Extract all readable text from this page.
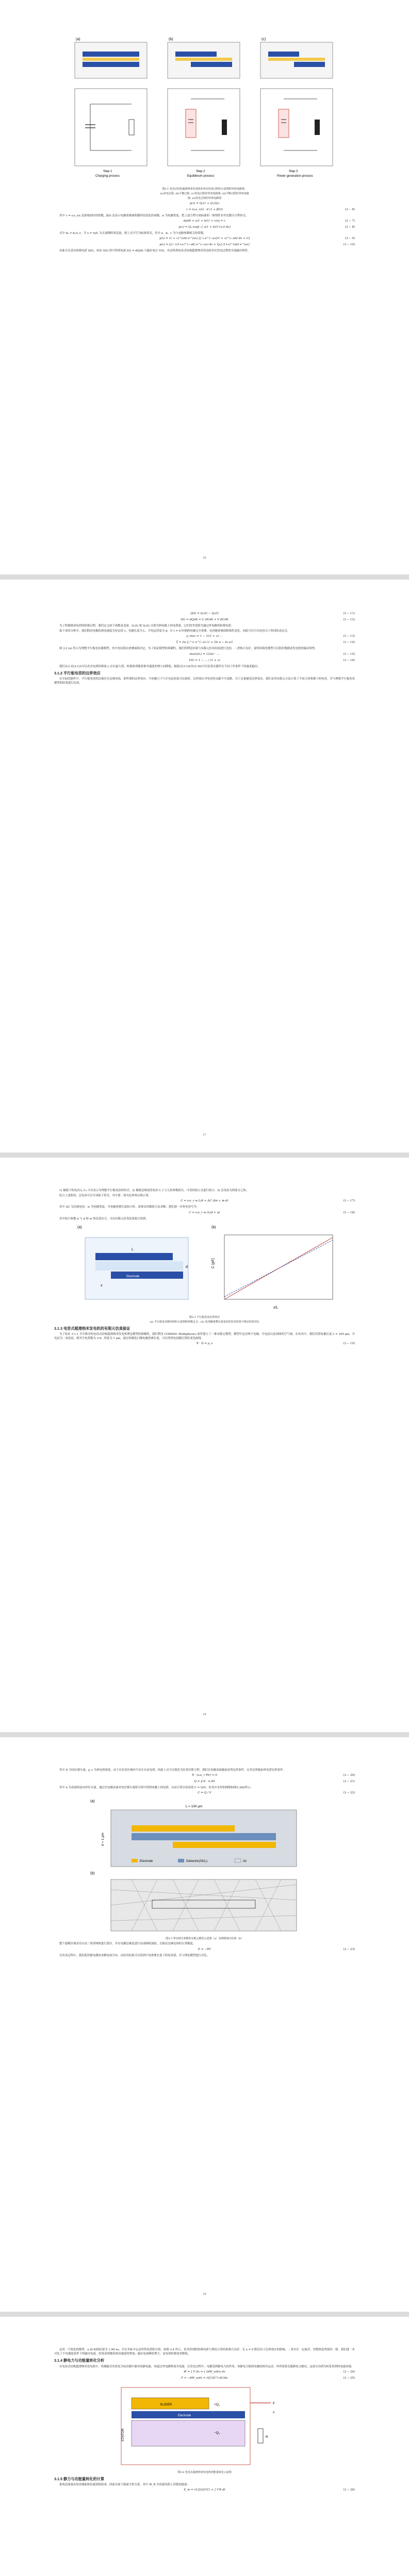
(a)	(b)	(c)
Step 1
Charging process
Step 2
Equilibrium process
Step 3
Power generation process
图3.1 电容式结构超滑纳米发电机的单次发电过程的示意图和等效电路图。
(a)充电过程; (b)平衡过程; (c)发电过程的等效电路图; (d)平衡过程的等效电路
图; (e)发电过程的等效电路图
y(x) = Q₀(1 + Q₁/Q₀)
τ = (ε₀ε_r/s) · d (1 + β(t))	(3 − 6)

其中 τ = ε₀ε_r/s 是系统的时间常数，β(t) 是表示电极重叠面积随时间变化的函数，α 为电极宽度。把上述方程写成标准的一阶线性非齐次微分方程形式。

dy/dt + a(1 + b/(1 + x))y = c	(3 − 7)
y(x) = Q₀ exp[−∫ a(1 + b/(1+x)) dx]	(3 − 8)

式中 d₀ = d₁/ε_r，令 x = vt/L 为无量纲时间变量，则上式可写为标准形式，其中 a、b、c 为与电路参数相关的常数。

y(x) = (1 + x)^(ab) e^(ax) [∫ c e^(−ax)(1 + x)^(−ab) dx + C]	(3 − 9)
y(x) = [∫₀ˣ c(1+x)^(−ab) e^(−ax) dx + Q₀] (1+x)^(ab) e^(ax)	(3 − 10)

由此可以求出转移电荷 Q(t)，再由 Q(t) 即可得到电流 I(t) = dQ/dt 与输出电压 V(t)，从而得到电容式结构超滑纳米发电机单次发电过程的全部输出特性。

26
Q(t) = Q₁(t) − Q₂(t)	(3 − 11)
I(t) = dQ/dt = C dV/dt + V dC/dt	(3 − 12)

为了简便描述电荷的转移过程，我们定义如下函数及变量：Q₁(t) 和 Q₂(t) 分别为两电极上的电荷量，它们的差值即为通过外电路的转移电荷。

接下来的分析中，我们假设电极的滑动速度为恒定值 v，电极长度为 L，介电层厚度为 d，在 t = 0 时刻两电极完全重叠。电容随重叠面积线性变化，因此可以写出电容关于时间的表达式。

y_max = 1 − 1/(1 + x) ...	(3 − 13)
ξ = 2α ∫₀^∞ e^(−u) (1 + (ln u − ln a))	(3 − 14)

图 3.2 (a) 所示为理想平行板电容器模型，其中电容值由重叠面积决定。为了验证模型的准确性，我们将理论结果与有限元仿真结果进行比较，二者吻合良好，说明该简化模型可以很好地描述发电机的输出特性。

max(i/i₀) = √(2π) · ...	(3 − 15)
Y(t) = 1 − ... / (1 + x)	(3 − 16)

我们从公式(3-13)可以看出电荷转移量 y 存在最大值，转移效率随着相对速度的增大而降低。根据式(3-14)至(3-16)可以估算出器件在不同工作条件下的最优输出。

3.1.2 平行板电容的边界效应

在实际的器件中，平行板电容的边缘存在边缘电场，即所谓的边界效应。当电极尺寸与介电层厚度可比拟时，边界效应对电容的贡献不可忽略。为了定量描述边界效应，我们采用有限元方法计算了不同几何参数下的电容，并与理想平行板电容模型的结果进行比较。

27

1) 极板下的电容元 C₀ 可以表示为理想平行板电容的形式；2) 极板边缘处的电容 C_f 与几何参数相关，可用经验公式进行拟合；3) 总电容为两部分之和。

结合上述假设，总电容可以写成如下形式，其中第二项为边界效应修正项：

C = ε₀ε_r w L/d + ΔC (for x ≫ d)	(3 − 17)

其中 ΔC 为边缘电容，w 为电极宽度。当电极重叠长度较小时，需要采用数值方法求解。我们进一步将电容写为：

C = ε₀ε_r w (L/d + α)	(3 − 18)

其中拟合参数 α 与 d 和 w 的比值有关，可由有限元仿真结果拟合得到。

(a)
L
x
d
Electrode
(b)
x/L
C (pF)
图3.2 平行板电容边界效应
(a) 平行板电容器结构的示意图和参数定义；(b) 电容随重叠长度变化的仿真结果与理论结果对比
3.1.3 电容式超滑纳米发电机的有限元仿真验证

为了验证 3.1.1 节中推导的电容式结构超滑纳米发电机理论模型的准确性，我们利用 COMSOL Multiphysics 软件建立了二维有限元模型。模型中包含两个电极、介电层以及周围的空气域。在仿真中，我们设置电极长度 L = 100 μm，介电层为二氧化硅，相对介电常数为 3.9，厚度为 1 μm。通过参数化扫描电极重叠长度，可以得到电容随位置的变化曲线。

∇ · D = ρ_v	(3 − 19)
28

其中 D 为电位移矢量，ρ_v 为体电荷密度。由于在仿真区域内不存在自由电荷，因此上式可以简化为拉普拉斯方程。我们在电极表面施加电势边界条件，在外边界施加零电荷边界条件。

∇ · (ε₀ε_r ∇V) = 0	(3 − 20)
Q = ∮ D · n dS	(3 − 21)

其中 n 为表面的法向单位矢量。通过在电极表面对电位移矢量积分即可得到电极上的电荷，从而计算出电容值 C = Q/V。仿真中采用的网格如图3.3(b)所示。

C = Q / V	(3 − 22)
(a)
L = 100 μm
d = 1 μm
Electrode	Dielectric(SiO₂)	Air
(b)
图3.3 带有相关参数的有限元模型示意图（a）及网格划分结果（b）

整个建模区域采用自由三角形网格进行划分，并在电极边缘处进行局部网格加密，以保证边缘电场的计算精度。

E = −∇V	(3 − 23)

在仿真过程中，我们使用静电模块求解电场分布。由仿真结果可以得到不同重叠长度下的电容值，并与理论模型进行对比。

29

运用一个简化的模型，a (0-8)的结果为 1.96 ns，并在坐标中记录所得电荷积分值。如图 3.4 所示，仿真得到的转移电荷与理论计算结果吻合良好。在 x = 0 附近由于边界效应的影响，二者存在一定偏差，但整体趋势保持一致。我们进一步对比了不同速度条件下的输出电流，结果表明随着滑动速度的增加，输出电流峰值增大，而电荷转移效率降低。

3.1.4 静电力与功能量转化分析

在电容式结构超滑纳米发电机中，机械能首先转化为电容器中储存的静电能，再通过外电路释放为电能。在发电过程中，电极受到静电力的作用，该静电力阻碍电极的相对运动，外界需要克服静电力做功，这部分功即为转化得到的电能来源。

W = ∫ F dx = ∫ (dW_e/dx) dx	(3 − 24)
F = −dW_e/dx = (Q²/2C²) dC/dx	(3 − 25)
SLIDER
Electrode
STATOR
+Q₁
−Q₂
F
v
R
图3.4 电容式超滑纳米发电机的能量转化示意图
3.1.5 静力与功能量转化的计算

系统总能量由电容储能和负载消耗组成，因此有如下能量守恒关系，其中 W_R 为负载电阻上消耗的能量：

E_m = (1/2)(Q²/C) + ∫ I²R dt	(3 − 26)
